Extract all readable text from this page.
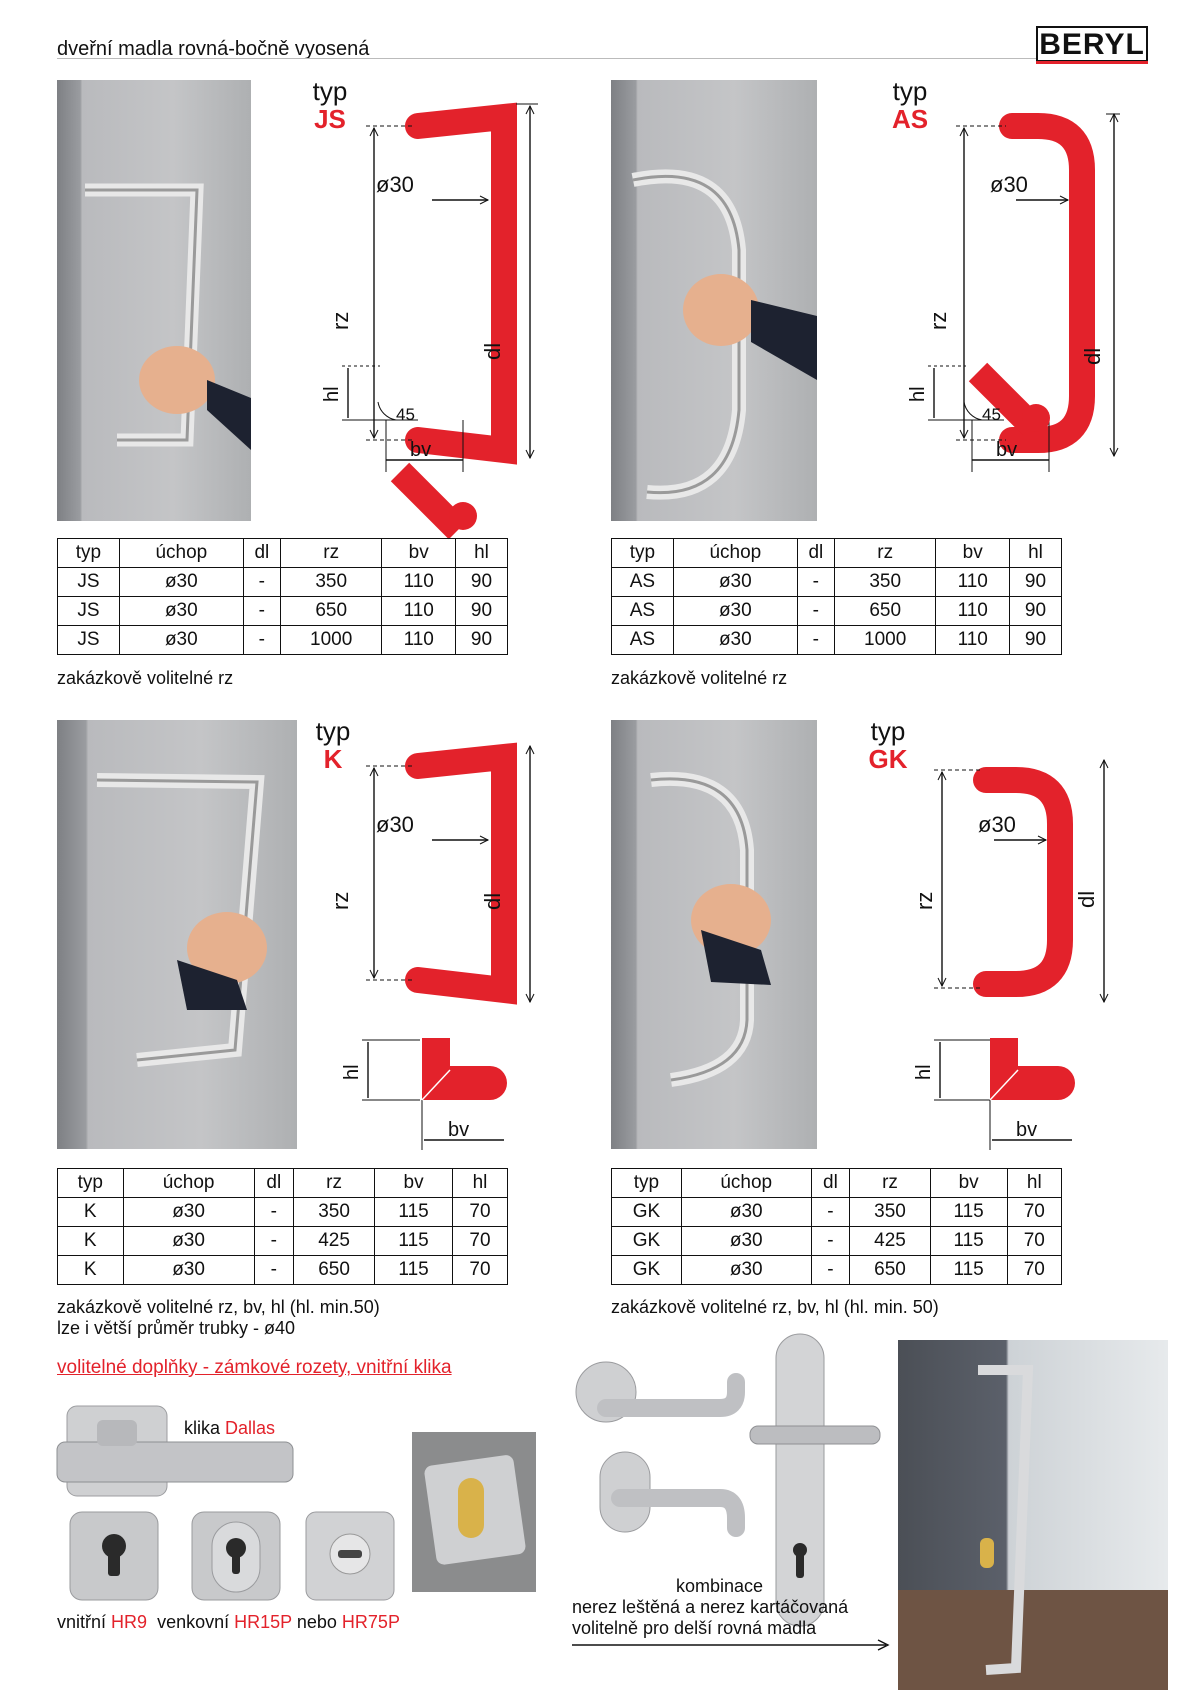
dveřní madla rovná-bočně vyosená	BERYL
typ
JS
ø30
rz
dl
hl
45
bv
typ	úchop	dl	rz	bv	hl
JS	ø30	-	350	110	90
JS	ø30	-	650	110	90
JS	ø30	-	1000	110	90
zakázkově volitelné rz
typ
AS
ø30
rz
dl
hl
45
bv
typ	úchop	dl	rz	bv	hl
AS	ø30	-	350	110	90
AS	ø30	-	650	110	90
AS	ø30	-	1000	110	90
zakázkově volitelné rz
typ
K
ø30
rz	dl
hl
bv
typ	úchop	dl	rz	bv	hl
K	ø30	-	350	115	70
K	ø30	-	425	115	70
K	ø30	-	650	115	70
zakázkově volitelné rz, bv, hl (hl. min.50)
lze i větší průměr trubky - ø40
typ
GK
ø30
rz	dl
hl
bv
typ	úchop	dl	rz	bv	hl
GK	ø30	-	350	115	70
GK	ø30	-	425	115	70
GK	ø30	-	650	115	70
zakázkově volitelné rz, bv, hl (hl. min. 50)
volitelné doplňky - zámkové rozety, vnitřní klika
klika Dallas
vnitřní HR9 venkovní HR15P nebo HR75P
kombinace
nerez leštěná a nerez kartáčovaná
volitelně pro delší rovná madla
